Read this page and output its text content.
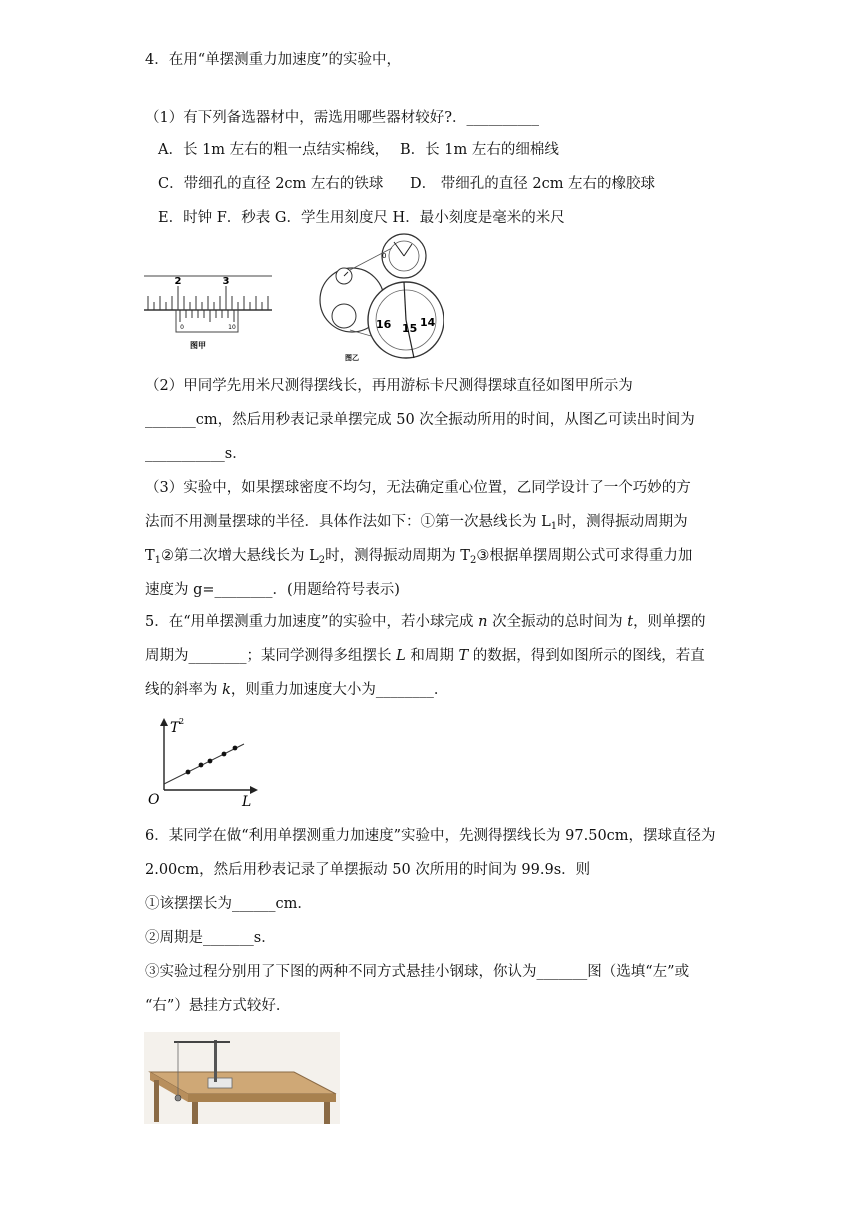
4．在用“单摆测重力加速度”的实验中，
（1）有下列备选器材中，需选用哪些器材较好?．__________
A．长 1m 左右的粗一点结实棉线， B．长 1m 左右的细棉线
C．带细孔的直径 2cm 左右的铁球 D． 带细孔的直径 2cm 左右的橡胶球
E．时钟 F．秒表 G．学生用刻度尺 H．最小刻度是毫米的米尺
2	3
0	10
图甲
0
16 15 14
图乙
（2）甲同学先用米尺测得摆线长，再用游标卡尺测得摆球直径如图甲所示为
_______cm，然后用秒表记录单摆完成 50 次全振动所用的时间，从图乙可读出时间为
___________s．
（3）实验中，如果摆球密度不均匀，无法确定重心位置，乙同学设计了一个巧妙的方
法而不用测量摆球的半径．具体作法如下：①第一次悬线长为 $L_1$时，测得振动周期为
$T_1②$第二次增大悬线长为 $L_2$时，测得振动周期为 $T_2③$根据单摆周期公式可求得重力加
速度为 g=________．(用题给符号表示)
5．在“用单摆测重力加速度”的实验中，若小球完成 n 次全振动的总时间为 t，则单摆的
周期为________；某同学测得多组摆长 L 和周期 T 的数据，得到如图所示的图线，若直
线的斜率为 k，则重力加速度大小为________．
T 2
O	L
6．某同学在做“利用单摆测重力加速度”实验中，先测得摆线长为 97.50cm，摆球直径为
2.00cm，然后用秒表记录了单摆振动 50 次所用的时间为 99.9s．则
①该摆摆长为______cm．
②周期是_______s．
③实验过程分别用了下图的两种不同方式悬挂小钢球，你认为_______图（选填“左”或
“右”）悬挂方式较好．
